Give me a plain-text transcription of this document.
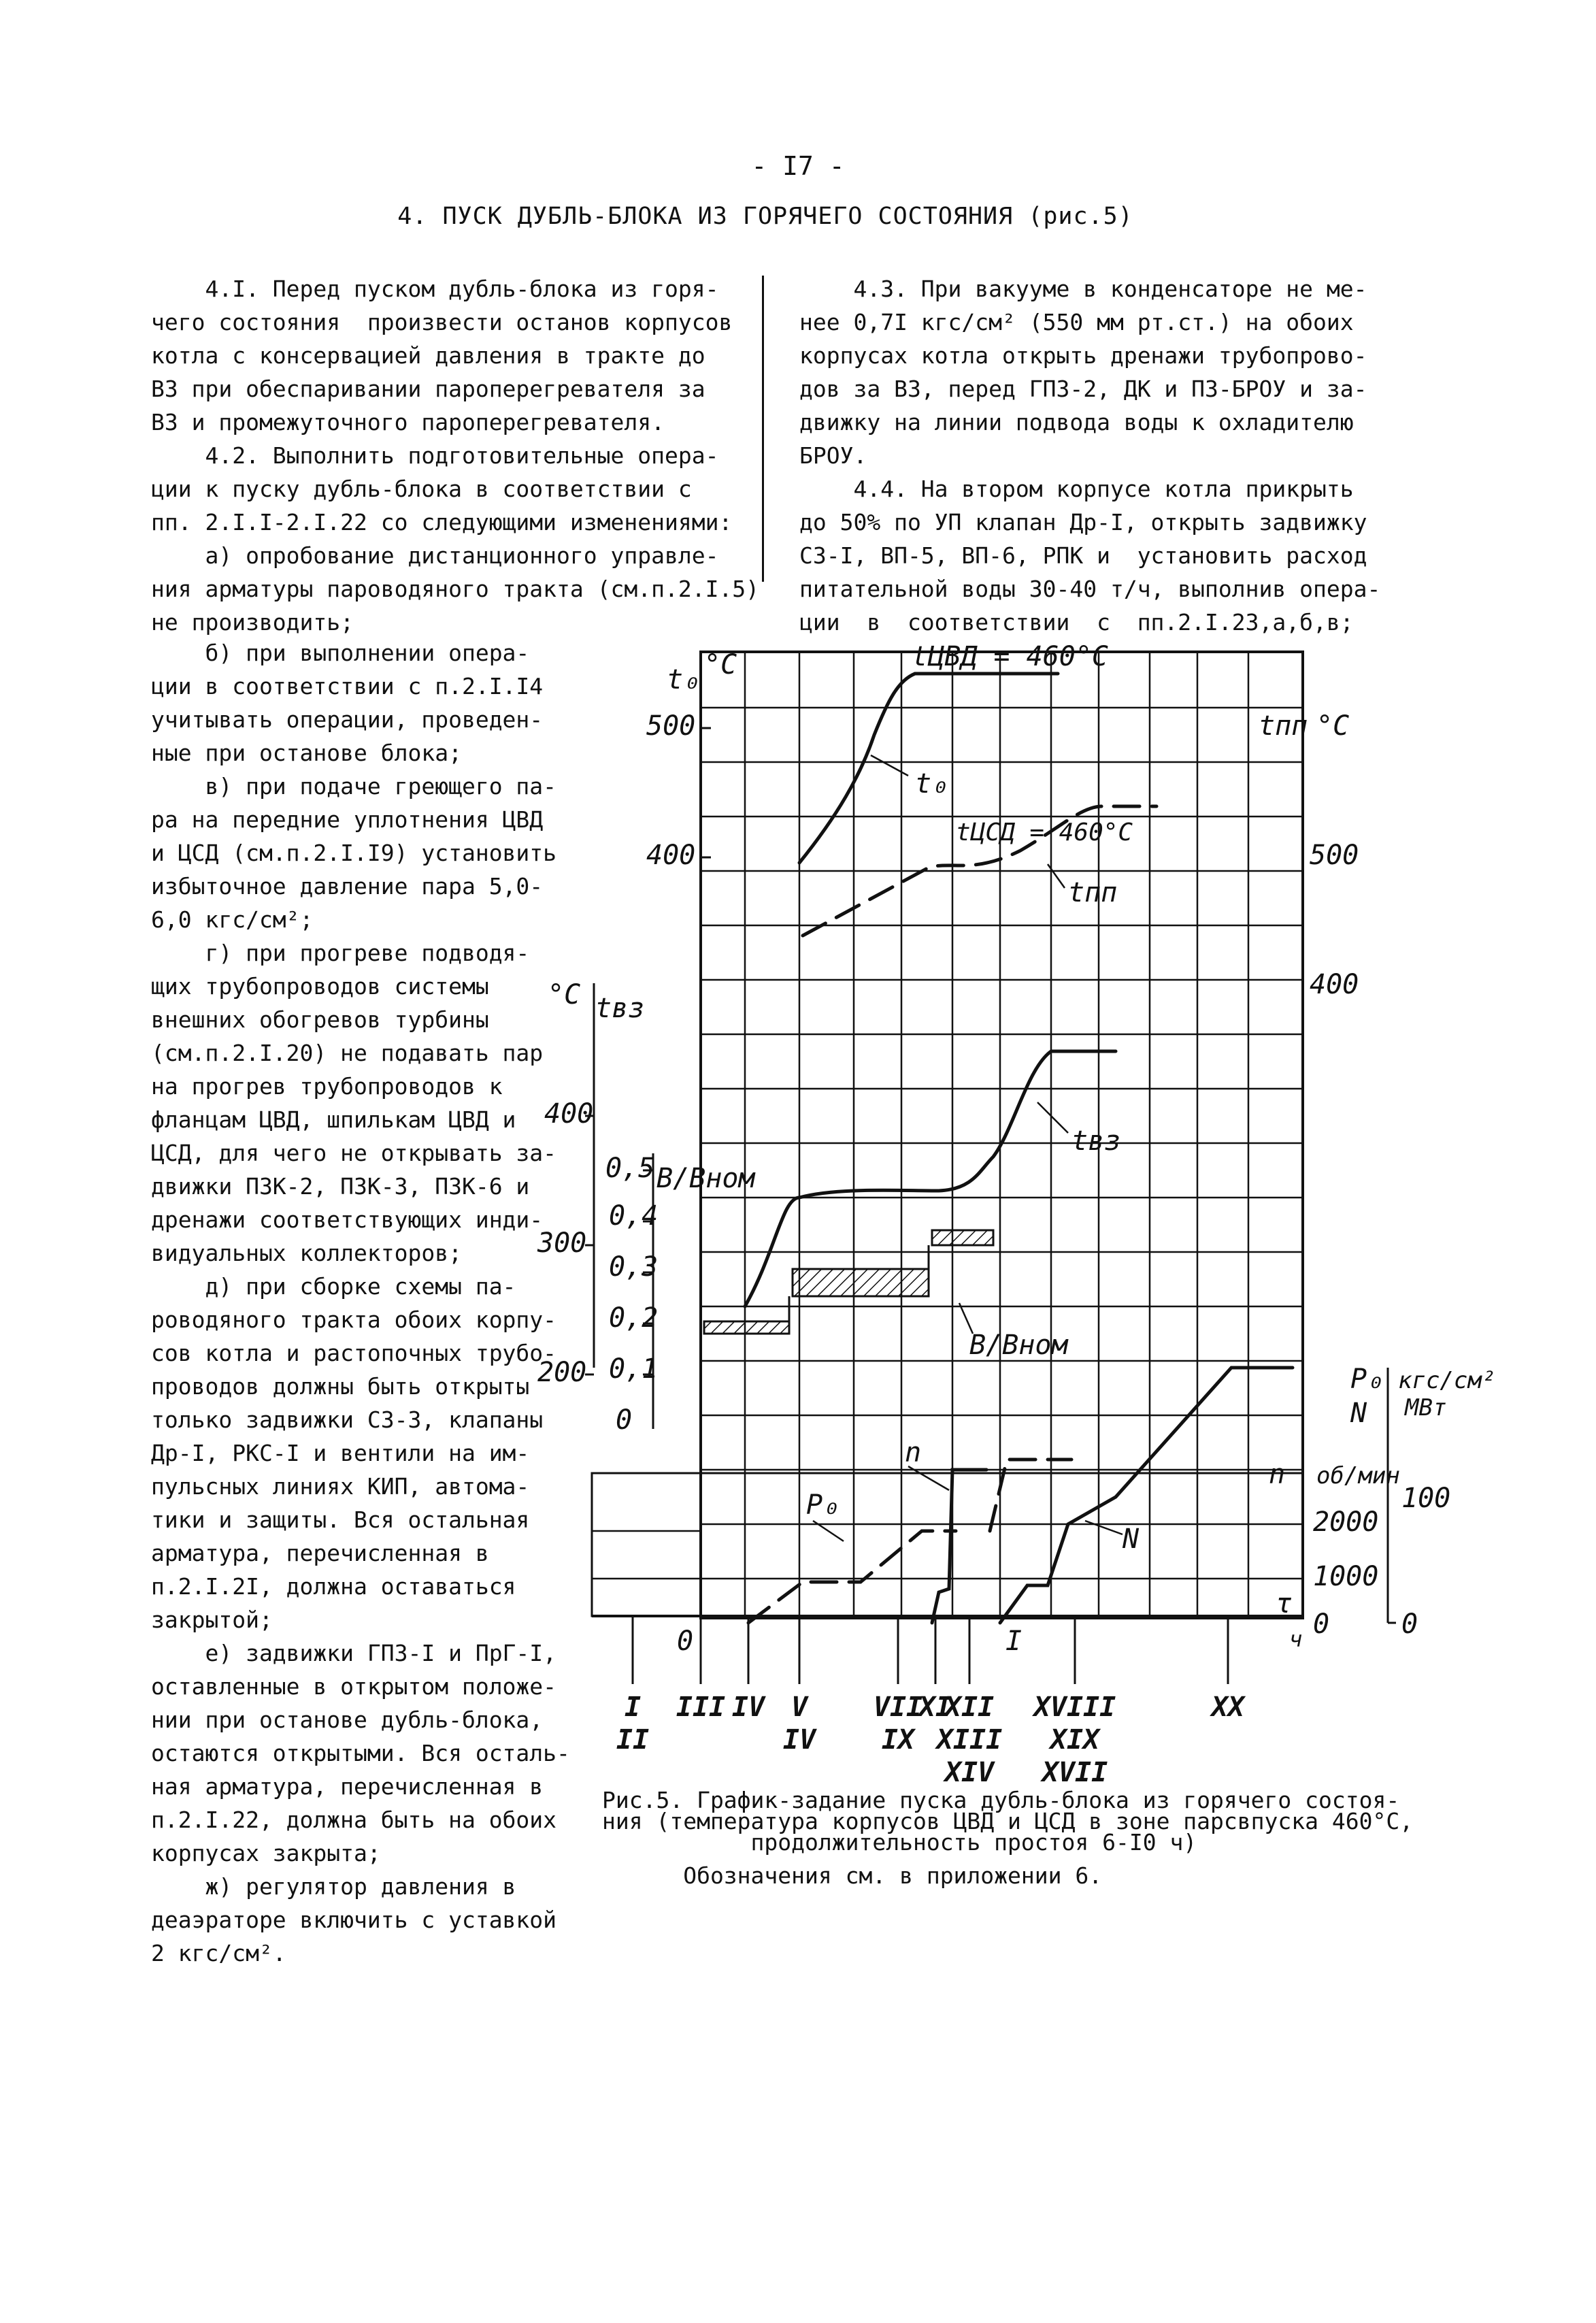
- I7 -
4. ПУСК ДУБЛЬ-БЛОКА ИЗ ГОРЯЧЕГО СОСТОЯНИЯ (рис.5)

4.I. Перед пуском дубль-блока из горя-

чего состояния  произвести останов корпусов

котла с консервацией давления в тракте до

ВЗ при обеспаривании пароперегревателя за

ВЗ и промежуточного пароперегревателя.

4.2. Выполнить подготовительные опера-

ции к пуску дубль-блока в соответствии с

пп. 2.I.I-2.I.22 со следующими изменениями:

а) опробование дистанционного управле-

ния арматуры пароводяного тракта (см.п.2.I.5)

не производить;

б) при выполнении опера-

ции в соответствии с п.2.I.I4

учитывать операции, проведен-

ные при останове блока;

в) при подаче греющего па-

ра на передние уплотнения ЦВД

и ЦСД (см.п.2.I.I9) установить

избыточное давление пара 5,0-

6,0 кгс/см²;

г) при прогреве подводя-

щих трубопроводов системы

внешних обогревов турбины

(см.п.2.I.20) не подавать пар

на прогрев трубопроводов к

фланцам ЦВД, шпилькам ЦВД и

ЦСД, для чего не открывать за-

движки ПЗК-2, ПЗК-3, ПЗК-6 и

дренажи соответствующих инди-

видуальных коллекторов;

д) при сборке схемы па-

роводяного тракта обоих корпу-

сов котла и растопочных трубо-

проводов должны быть открыты

только задвижки СЗ-3, клапаны

Др-I, РКС-I и вентили на им-

пульсных линиях КИП, автома-

тики и защиты. Вся остальная

арматура, перечисленная в

п.2.I.2I, должна оставаться

закрытой;

е) задвижки ГПЗ-I и ПрГ-I,

оставленные в открытом положе-

нии при останове дубль-блока,

остаются открытыми. Вся осталь-

ная арматура, перечисленная в

п.2.I.22, должна быть на обоих

корпусах закрыта;

ж) регулятор давления в

деаэраторе включить с уставкой

2 кгс/см².

4.3. При вакууме в конденсаторе не ме-

нее 0,7I кгс/см² (550 мм рт.ст.) на обоих

корпусах котла открыть дренажи трубопрово-

дов за ВЗ, перед ГПЗ-2, ДК и ПЗ-БРОУ и за-

движку на линии подвода воды к охладителю

БРОУ.

4.4. На втором корпусе котла прикрыть

до 50% по УП клапан Др-I, открыть задвижку

СЗ-I, ВП-5, ВП-6, РПК и  установить расход

питательной воды 30-40 т/ч, выполнив опера-

ции  в  соответствии  с  пп.2.I.23,а,б,в;

t₀ °C
500
400
tпп °C
500
400
°C tвз
400
300
200
В/Вном
0,5
0,4
0,3
0,2
0,1
0
P₀
N
кгс/см²
МВт
100
0
n об/мин
2000
1000
0
τ
ч
0	I
tЦВД = 460°С
tЦСД = 460°С
t₀
tпп
tвз
В/Вном
P₀
n
N
I
II
III IV V
IV
VII
IX
XI
XII
XIII
XIV
XVIII
XIX
XVII
XX

Рис.5. График-задание пуска дубль-блока из горячего состоя-

ния (температура корпусов ЦВД и ЦСД в зоне парсвпуска 460°С,

продолжительность простоя 6-I0 ч)

Обозначения см. в приложении 6.
